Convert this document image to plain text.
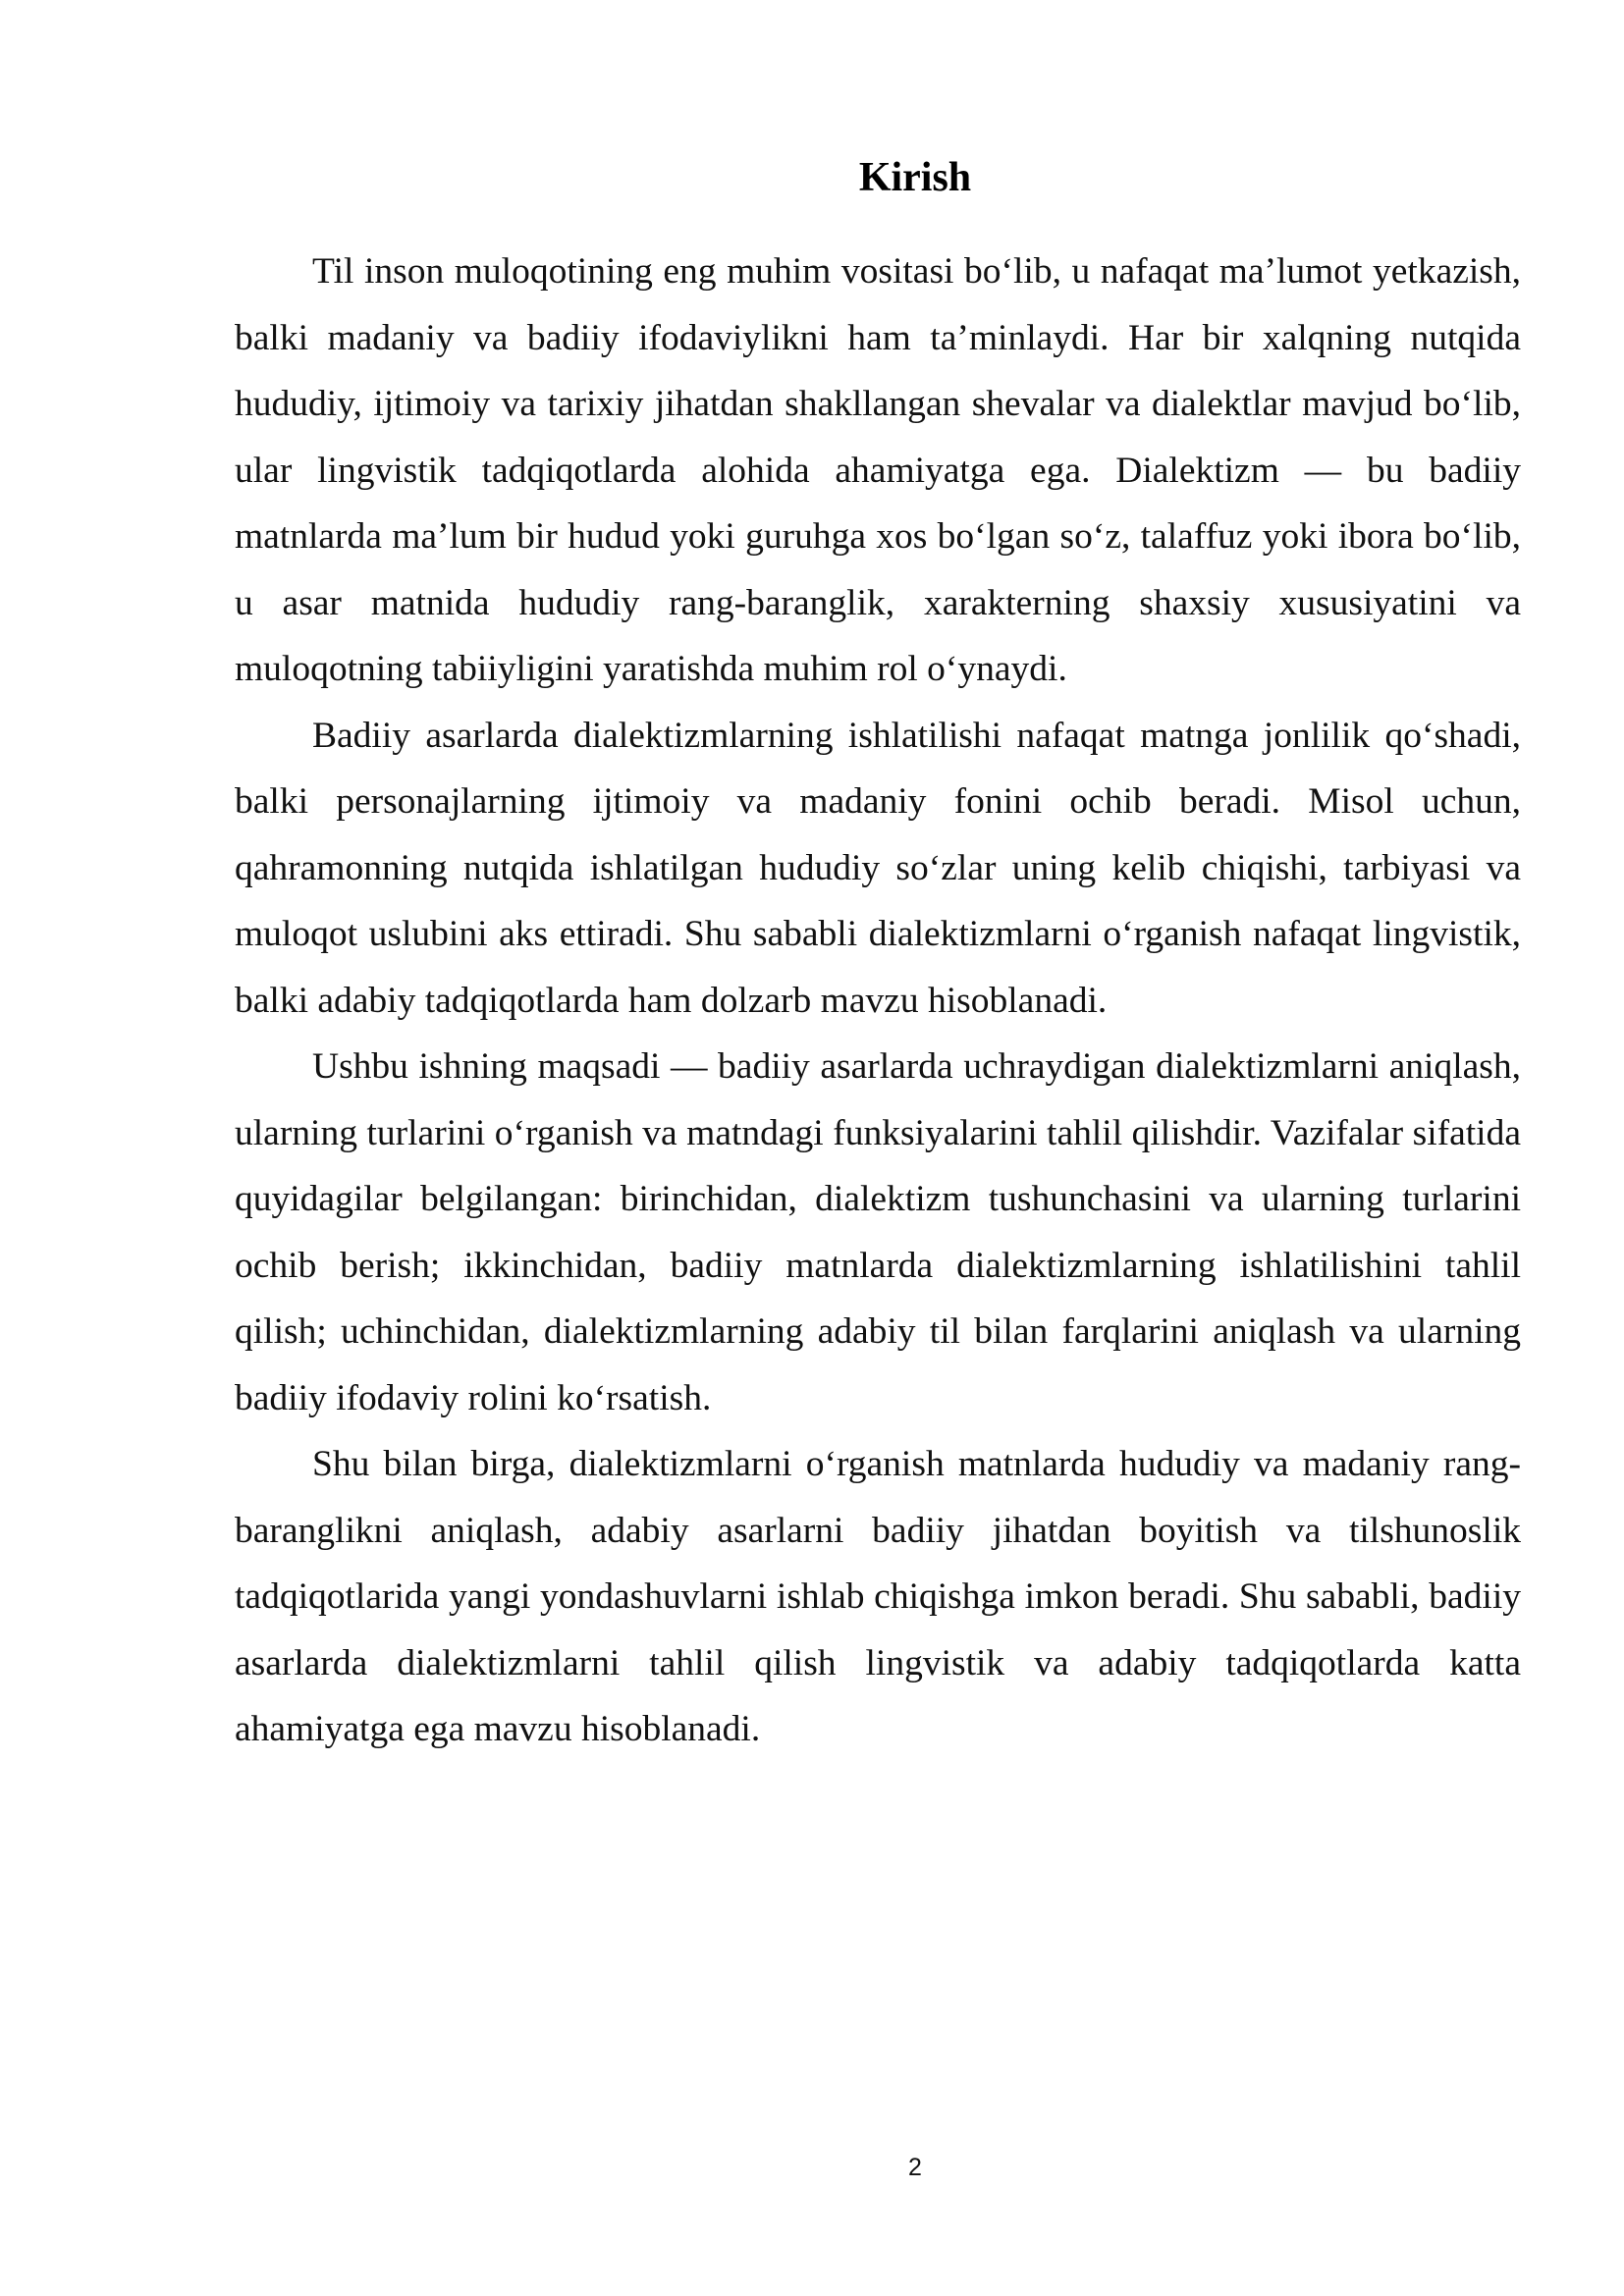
Kirish

Til inson muloqotining eng muhim vositasi bo‘lib, u nafaqat ma’lumot yetkazish, balki madaniy va badiiy ifodaviylikni ham ta’minlaydi. Har bir xalqning nutqida hududiy, ijtimoiy va tarixiy jihatdan shakllangan shevalar va dialektlar mavjud bo‘lib, ular lingvistik tadqiqotlarda alohida ahamiyatga ega. Dialektizm — bu badiiy matnlarda ma’lum bir hudud yoki guruhga xos bo‘lgan so‘z, talaffuz yoki ibora bo‘lib, u asar matnida hududiy rang-baranglik, xarakterning shaxsiy xususiyatini va muloqotning tabiiyligini yaratishda muhim rol o‘ynaydi.

Badiiy asarlarda dialektizmlarning ishlatilishi nafaqat matnga jonlilik qo‘shadi, balki personajlarning ijtimoiy va madaniy fonini ochib beradi. Misol uchun, qahramonning nutqida ishlatilgan hududiy so‘zlar uning kelib chiqishi, tarbiyasi va muloqot uslubini aks ettiradi. Shu sababli dialektizmlarni o‘rganish nafaqat lingvistik, balki adabiy tadqiqotlarda ham dolzarb mavzu hisoblanadi.

Ushbu ishning maqsadi — badiiy asarlarda uchraydigan dialektizmlarni aniqlash, ularning turlarini o‘rganish va matndagi funksiyalarini tahlil qilishdir. Vazifalar sifatida quyidagilar belgilangan: birinchidan, dialektizm tushunchasini va ularning turlarini ochib berish; ikkinchidan, badiiy matnlarda dialektizmlarning ishlatilishini tahlil qilish; uchinchidan, dialektizmlarning adabiy til bilan farqlarini aniqlash va ularning badiiy ifodaviy rolini ko‘rsatish.

Shu bilan birga, dialektizmlarni o‘rganish matnlarda hududiy va madaniy rang-baranglikni aniqlash, adabiy asarlarni badiiy jihatdan boyitish va tilshunoslik tadqiqotlarida yangi yondashuvlarni ishlab chiqishga imkon beradi. Shu sababli, badiiy asarlarda dialektizmlarni tahlil qilish lingvistik va adabiy tadqiqotlarda katta ahamiyatga ega mavzu hisoblanadi.

2
